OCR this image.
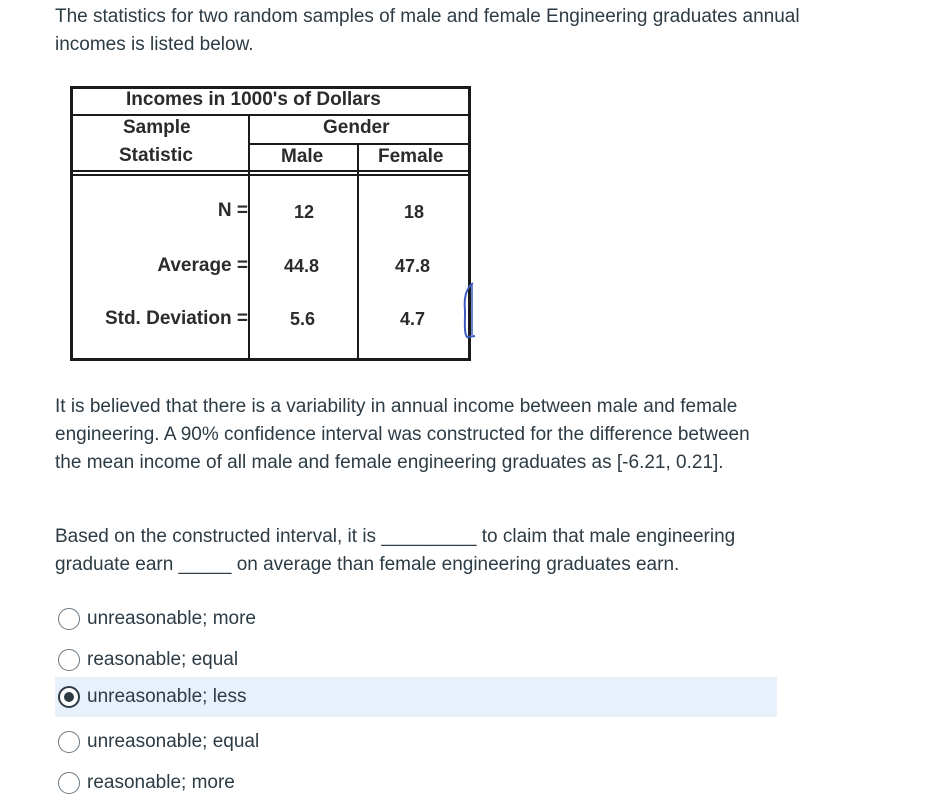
The statistics for two random samples of male and female Engineering graduates annual incomes is listed below.

Incomes in 1000's of Dollars
Sample
Statistic
Gender
Male	Female
N =	12	18
Average = 44.8	47.8
Std. Deviation = 5.6	4.7

It is believed that there is a variability in annual income between male and female engineering. A 90% confidence interval was constructed for the difference between the mean income of all male and female engineering graduates as [-6.21, 0.21].

Based on the constructed interval, it is _________ to claim that male engineering graduate earn _____ on average than female engineering graduates earn.

unreasonable; more
reasonable; equal
unreasonable; less
unreasonable; equal
reasonable; more
